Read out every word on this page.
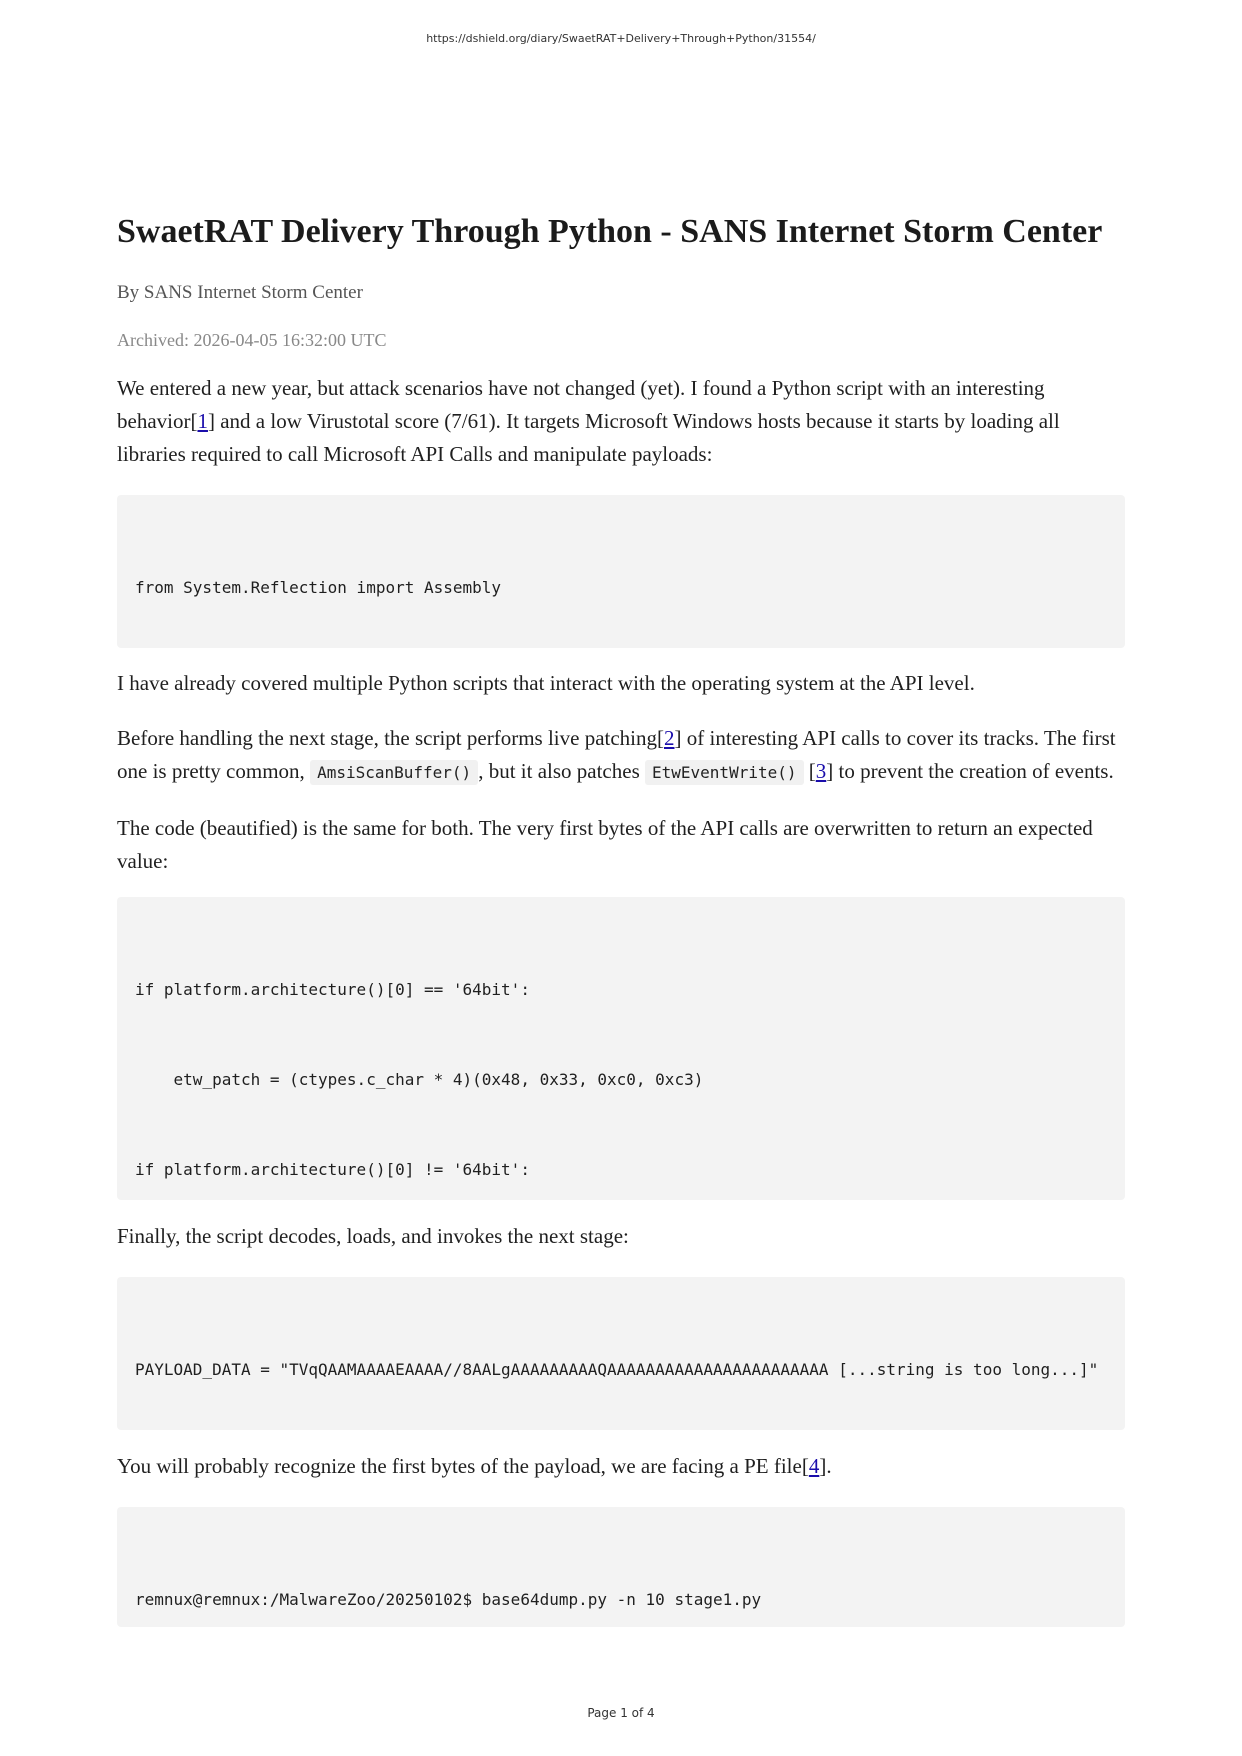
https://dshield.org/diary/SwaetRAT+Delivery+Through+Python/31554/
SwaetRAT Delivery Through Python - SANS Internet Storm Center
By SANS Internet Storm Center
Archived: 2026-04-05 16:32:00 UTC

We entered a new year, but attack scenarios have not changed (yet). I found a Python script with an interesting behavior[1] and a low Virustotal score (7/61). It targets Microsoft Windows hosts because it starts by loading all libraries required to call Microsoft API Calls and manipulate payloads:

from System.Reflection import Assembly

I have already covered multiple Python scripts that interact with the operating system at the API level.

Before handling the next stage, the script performs live patching[2] of interesting API calls to cover its tracks. The first one is pretty common, AmsiScanBuffer() , but it also patches EtwEventWrite() [3] to prevent the creation of events.

The code (beautified) is the same for both. The very first bytes of the API calls are overwritten to return an expected value:

if platform.architecture()[0] == '64bit':

etw_patch = (ctypes.c_char * 4)(0x48, 0x33, 0xc0, 0xc3)

if platform.architecture()[0] != '64bit':

Finally, the script decodes, loads, and invokes the next stage:

PAYLOAD_DATA = "TVqQAAMAAAAEAAAA//8AALgAAAAAAAAAQAAAAAAAAAAAAAAAAAAAAAAA [...string is too long...]"

You will probably recognize the first bytes of the payload, we are facing a PE file[4].

remnux@remnux:/MalwareZoo/20250102$ base64dump.py -n 10 stage1.py

Page 1 of 4
